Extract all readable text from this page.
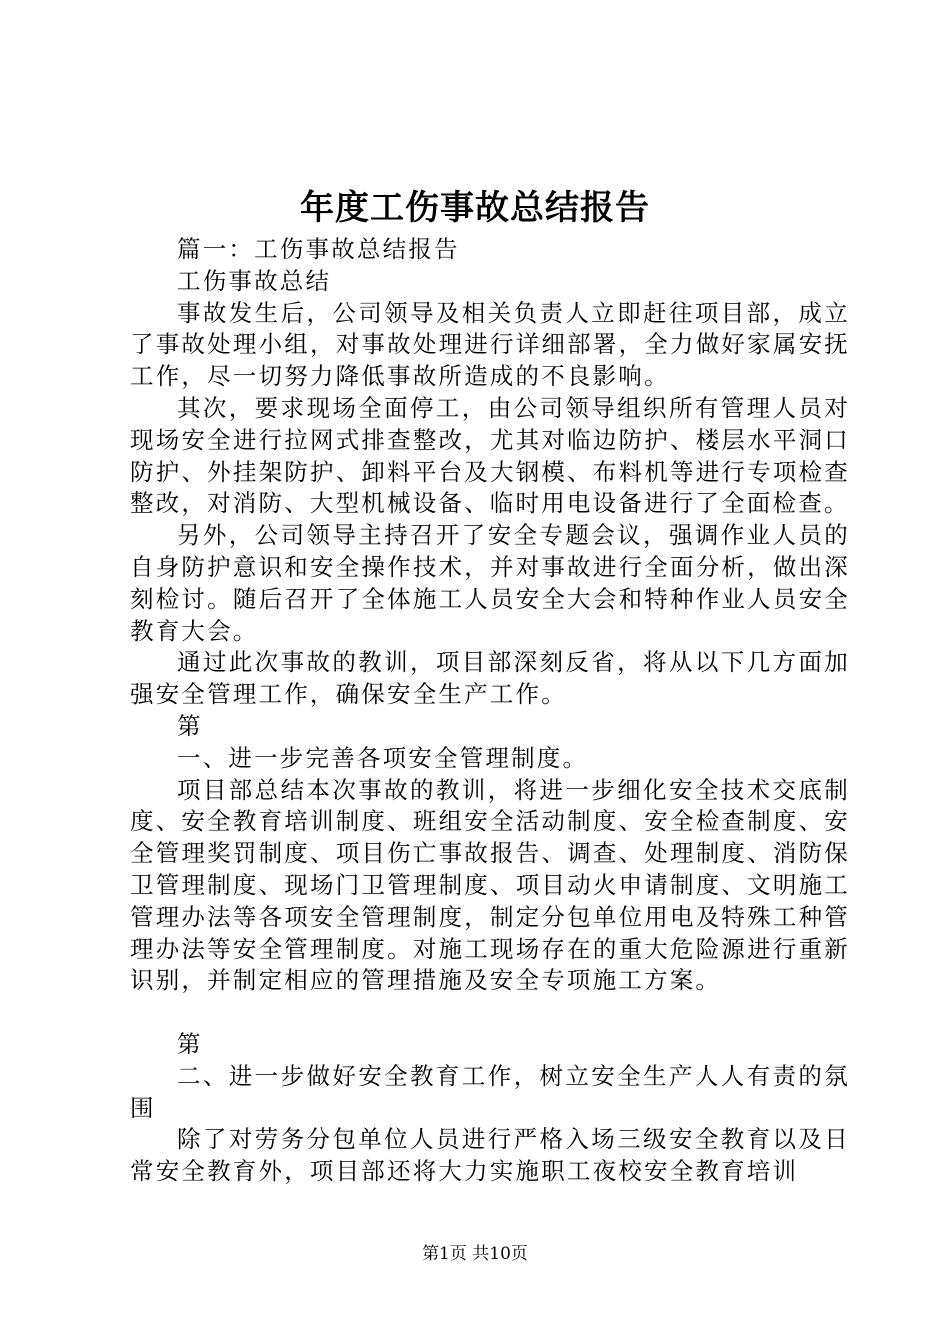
年度工伤事故总结报告

篇一：工伤事故总结报告

工伤事故总结

事故发生后，公司领导及相关负责人立即赶往项目部，成立了事故处理小组，对事故处理进行详细部署，全力做好家属安抚工作，尽一切努力降低事故所造成的不良影响。

其次，要求现场全面停工，由公司领导组织所有管理人员对现场安全进行拉网式排查整改，尤其对临边防护、楼层水平洞口防护、外挂架防护、卸料平台及大钢模、布料机等进行专项检查整改，对消防、大型机械设备、临时用电设备进行了全面检查。

另外，公司领导主持召开了安全专题会议，强调作业人员的自身防护意识和安全操作技术，并对事故进行全面分析，做出深刻检讨。随后召开了全体施工人员安全大会和特种作业人员安全教育大会。

通过此次事故的教训，项目部深刻反省，将从以下几方面加强安全管理工作，确保安全生产工作。

第

一、进一步完善各项安全管理制度。

项目部总结本次事故的教训，将进一步细化安全技术交底制度、安全教育培训制度、班组安全活动制度、安全检查制度、安全管理奖罚制度、项目伤亡事故报告、调查、处理制度、消防保卫管理制度、现场门卫管理制度、项目动火申请制度、文明施工管理办法等各项安全管理制度，制定分包单位用电及特殊工种管理办法等安全管理制度。对施工现场存在的重大危险源进行重新识别，并制定相应的管理措施及安全专项施工方案。

第

二、进一步做好安全教育工作，树立安全生产人人有责的氛围

除了对劳务分包单位人员进行严格入场三级安全教育以及日常安全教育外，项目部还将大力实施职工夜校安全教育培训

第1页 共10页
